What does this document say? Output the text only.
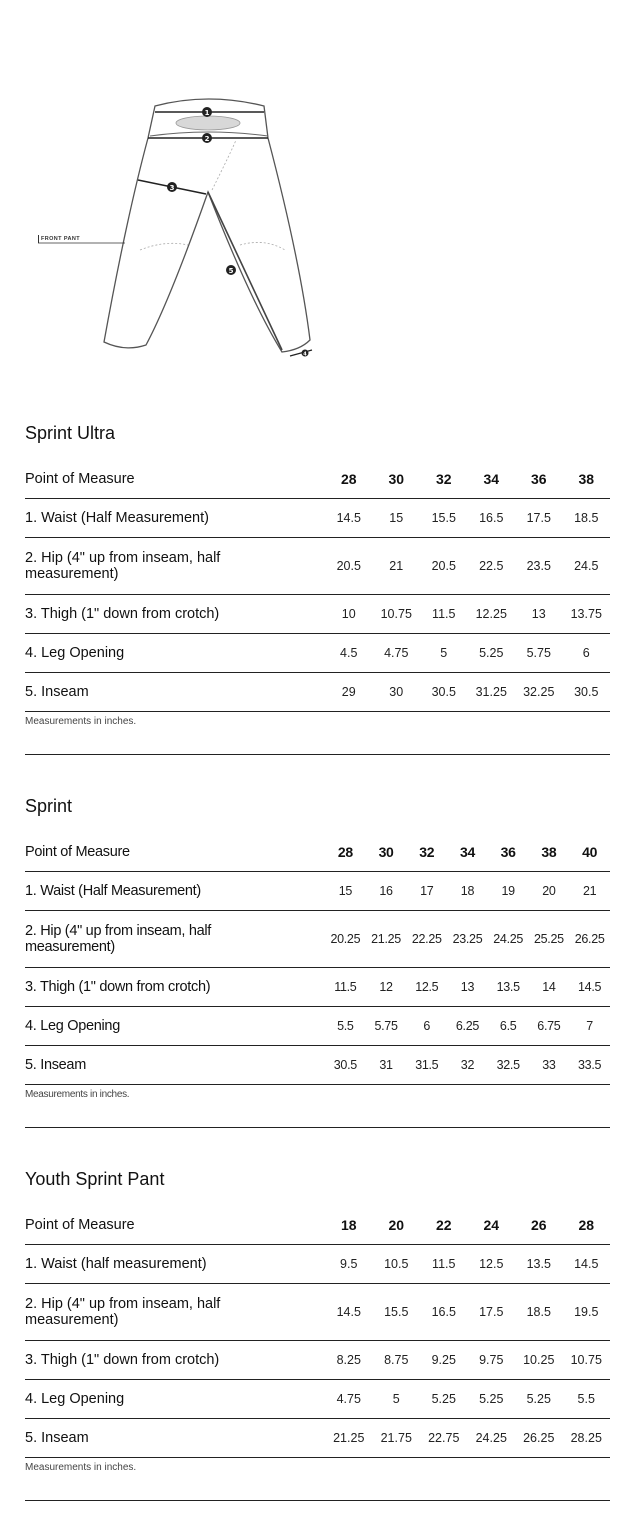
1
2
3
4
5
FRONT PANT
Sprint Ultra
Point of Measure	28	30	32	34	36	38
1. Waist (Half Measurement)	14.5	15	15.5	16.5	17.5	18.5
2. Hip (4" up from inseam, half measurement)	20.5	21	20.5	22.5	23.5	24.5
3. Thigh (1" down from crotch)	10	10.75	11.5	12.25	13	13.75
4. Leg Opening	4.5	4.75	5	5.25	5.75	6
5. Inseam	29	30	30.5	31.25	32.25	30.5
Measurements in inches.						
Sprint
Point of Measure	28	30	32	34	36	38	40
1. Waist (Half Measurement)	15	16	17	18	19	20	21
2. Hip (4" up from inseam, half measurement)	20.25	21.25	22.25	23.25	24.25	25.25	26.25
3. Thigh (1" down from crotch)	11.5	12	12.5	13	13.5	14	14.5
4. Leg Opening	5.5	5.75	6	6.25	6.5	6.75	7
5. Inseam	30.5	31	31.5	32	32.5	33	33.5
Measurements in inches.							
Youth Sprint Pant
Point of Measure	18	20	22	24	26	28
1. Waist (half measurement)	9.5	10.5	11.5	12.5	13.5	14.5
2. Hip (4" up from inseam, half measurement)	14.5	15.5	16.5	17.5	18.5	19.5
3. Thigh (1" down from crotch)	8.25	8.75	9.25	9.75	10.25	10.75
4. Leg Opening	4.75	5	5.25	5.25	5.25	5.5
5. Inseam	21.25	21.75	22.75	24.25	26.25	28.25
Measurements in inches.						
